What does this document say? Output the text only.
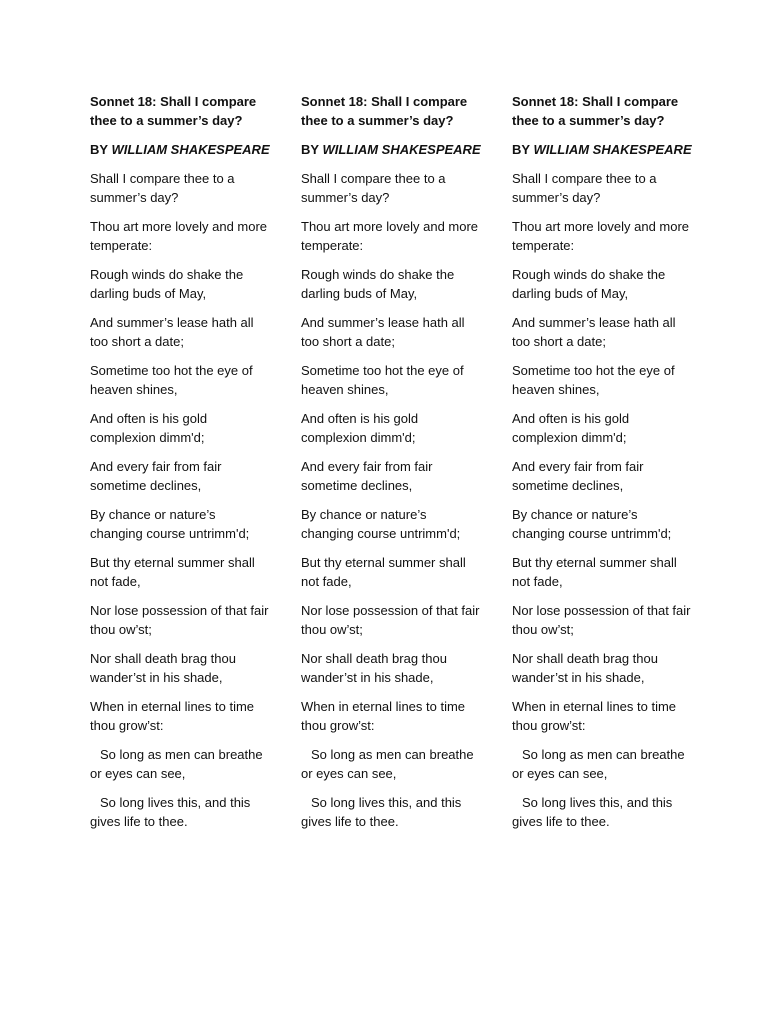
Sonnet 18: Shall I compare thee to a summer’s day?
BY WILLIAM SHAKESPEARE
Shall I compare thee to a summer’s day?
Thou art more lovely and more temperate:
Rough winds do shake the darling buds of May,
And summer’s lease hath all too short a date;
Sometime too hot the eye of heaven shines,
And often is his gold complexion dimm'd;
And every fair from fair sometime declines,
By chance or nature’s changing course untrimm'd;
But thy eternal summer shall not fade,
Nor lose possession of that fair thou ow’st;
Nor shall death brag thou wander’st in his shade,
When in eternal lines to time thou grow’st:
So long as men can breathe or eyes can see,
So long lives this, and this gives life to thee.
Sonnet 18: Shall I compare thee to a summer’s day?
BY WILLIAM SHAKESPEARE
Shall I compare thee to a summer’s day?
Thou art more lovely and more temperate:
Rough winds do shake the darling buds of May,
And summer’s lease hath all too short a date;
Sometime too hot the eye of heaven shines,
And often is his gold complexion dimm'd;
And every fair from fair sometime declines,
By chance or nature’s changing course untrimm'd;
But thy eternal summer shall not fade,
Nor lose possession of that fair thou ow’st;
Nor shall death brag thou wander’st in his shade,
When in eternal lines to time thou grow’st:
So long as men can breathe or eyes can see,
So long lives this, and this gives life to thee.
Sonnet 18: Shall I compare thee to a summer’s day?
BY WILLIAM SHAKESPEARE
Shall I compare thee to a summer’s day?
Thou art more lovely and more temperate:
Rough winds do shake the darling buds of May,
And summer’s lease hath all too short a date;
Sometime too hot the eye of heaven shines,
And often is his gold complexion dimm'd;
And every fair from fair sometime declines,
By chance or nature’s changing course untrimm'd;
But thy eternal summer shall not fade,
Nor lose possession of that fair thou ow’st;
Nor shall death brag thou wander’st in his shade,
When in eternal lines to time thou grow’st:
So long as men can breathe or eyes can see,
So long lives this, and this gives life to thee.
